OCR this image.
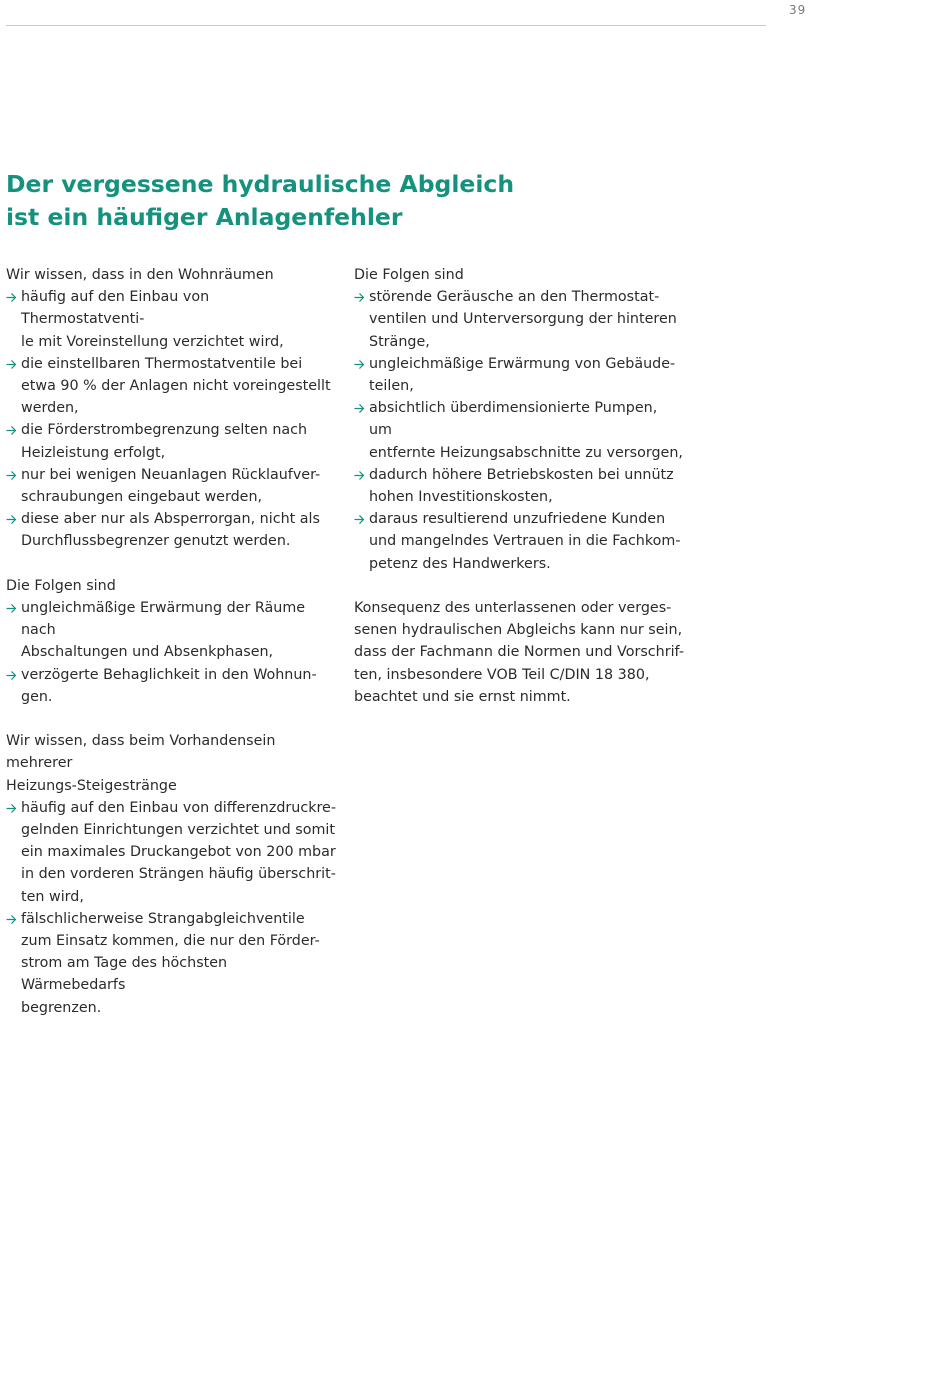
39
Der vergessene hydraulische Abgleich
ist ein häufiger Anlagenfehler

Wir wissen, dass in den Wohnräumen

häufig auf den Einbau von Thermostatventi-
le mit Voreinstellung verzichtet wird,
die einstellbaren Thermostatventile bei
etwa 90 % der Anlagen nicht voreingestellt
werden,
die Förderstrombegrenzung selten nach
Heizleistung erfolgt,
nur bei wenigen Neuanlagen Rücklaufver-
schraubungen eingebaut werden,
diese aber nur als Absperrorgan, nicht als
Durchflussbegrenzer genutzt werden.

Die Folgen sind

ungleichmäßige Erwärmung der Räume nach
Abschaltungen und Absenkphasen,
verzögerte Behaglichkeit in den Wohnun-
gen.

Wir wissen, dass beim Vorhandensein mehrerer
Heizungs-Steigestränge

häufig auf den Einbau von differenzdruckre-
gelnden Einrichtungen verzichtet und somit
ein maximales Druckangebot von 200 mbar
in den vorderen Strängen häufig überschrit-
ten wird,
fälschlicherweise Strangabgleichventile
zum Einsatz kommen, die nur den Förder-
strom am Tage des höchsten Wärmebedarfs
begrenzen.

Die Folgen sind

störende Geräusche an den Thermostat-
ventilen und Unterversorgung der hinteren
Stränge,
ungleichmäßige Erwärmung von Gebäude-
teilen,
absichtlich überdimensionierte Pumpen, um
entfernte Heizungsabschnitte zu versorgen,
dadurch höhere Betriebskosten bei unnütz
hohen Investitionskosten,
daraus resultierend unzufriedene Kunden
und mangelndes Vertrauen in die Fachkom-
petenz des Handwerkers.

Konsequenz des unterlassenen oder verges-
senen hydraulischen Abgleichs kann nur sein,
dass der Fachmann die Normen und Vorschrif-
ten, insbesondere VOB Teil C/DIN 18 380,
beachtet und sie ernst nimmt.
